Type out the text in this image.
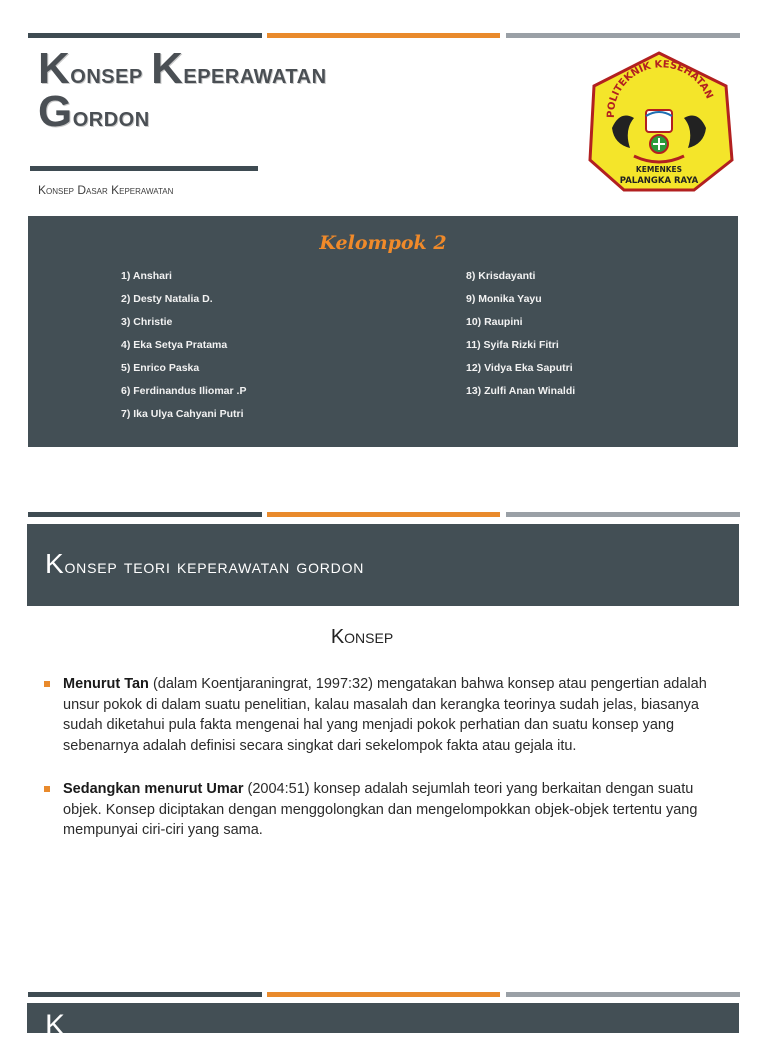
Konsep Keperawatan
Gordon
Konsep Dasar Keperawatan
POLITEKNIK KESEHATAN
KEMENKES
PALANGKA RAYA
Kelompok 2
1) Anshari
2) Desty Natalia D.
3) Christie
4) Eka Setya Pratama
5) Enrico Paska
6) Ferdinandus Iliomar .P
7) Ika Ulya Cahyani Putri
8) Krisdayanti
9) Monika Yayu
10) Raupini
11) Syifa Rizki Fitri
12) Vidya Eka Saputri
13) Zulfi Anan Winaldi
Konsep teori keperawatan gordon
Konsep
Menurut Tan (dalam Koentjaraningrat, 1997:32) mengatakan bahwa konsep atau pengertian adalah unsur pokok di dalam suatu penelitian, kalau masalah dan kerangka teorinya sudah jelas, biasanya sudah diketahui pula fakta mengenai hal yang menjadi pokok perhatian dan suatu konsep yang sebenarnya adalah definisi secara singkat dari sekelompok fakta atau gejala itu.
Sedangkan menurut Umar (2004:51) konsep adalah sejumlah teori yang berkaitan dengan suatu objek. Konsep diciptakan dengan menggolongkan dan mengelompokkan objek-objek tertentu yang mempunyai ciri-ciri yang sama.
K
